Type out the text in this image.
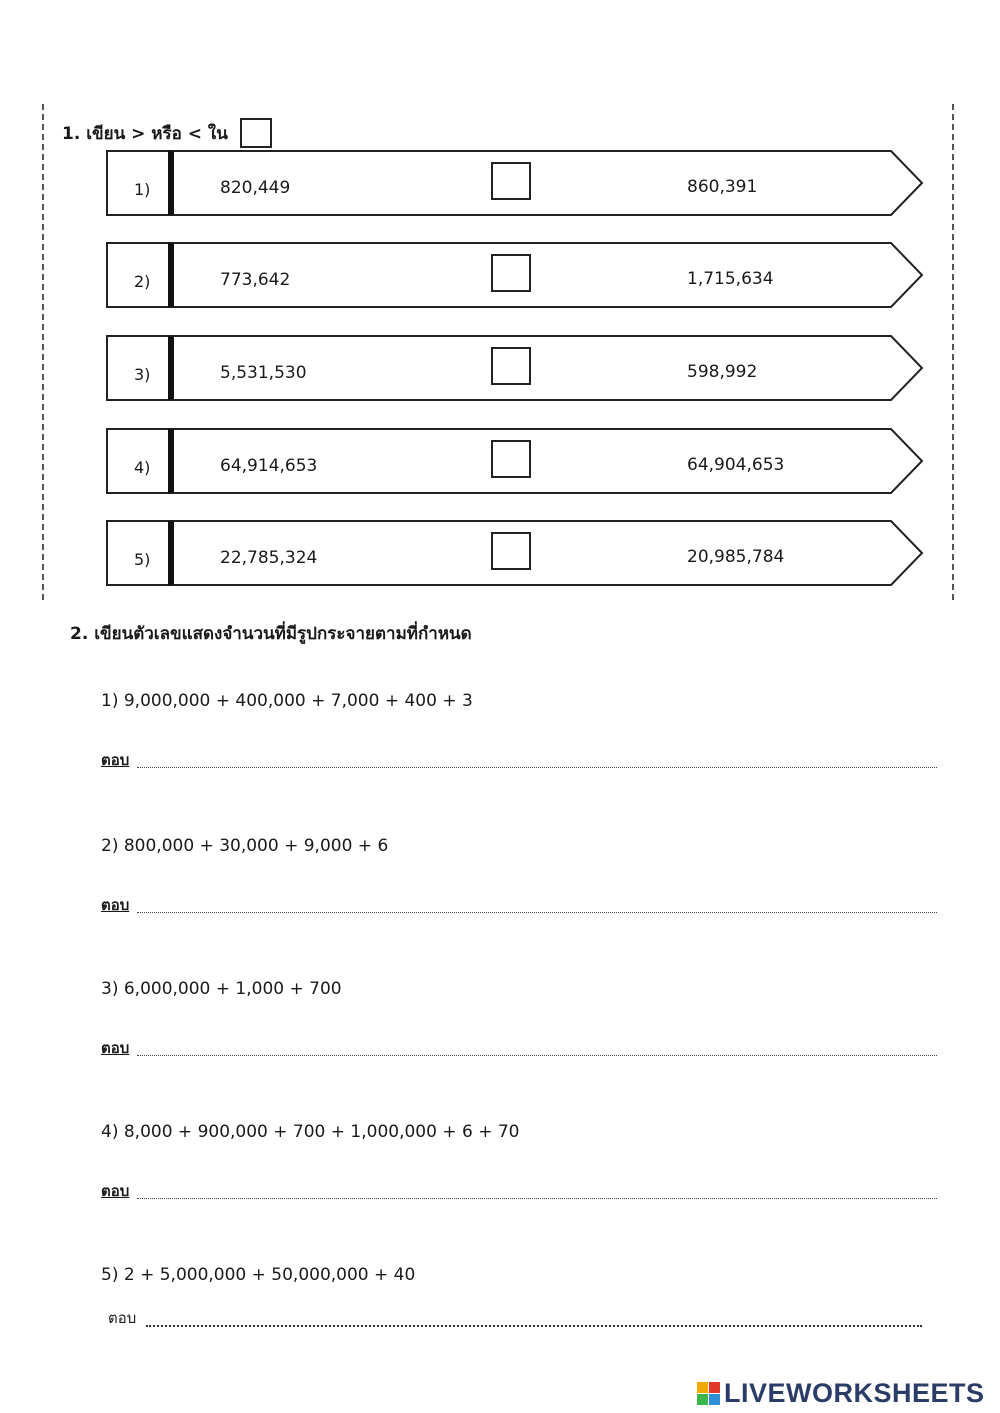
1. เขียน > หรือ < ใน
1)	820,449	860,391
2)	773,642	1,715,634
3)	5,531,530	598,992
4)	64,914,653	64,904,653
5)	22,785,324	20,985,784
2. เขียนตัวเลขแสดงจำนวนที่มีรูปกระจายตามที่กำหนด
1) 9,000,000 + 400,000 + 7,000 + 400 + 3
ตอบ
2) 800,000 + 30,000 + 9,000 + 6
ตอบ
3) 6,000,000 + 1,000 + 700
ตอบ
4) 8,000 + 900,000 + 700 + 1,000,000 + 6 + 70
ตอบ
5) 2 + 5,000,000 + 50,000,000 + 40
ตอบ
LIVEWORKSHEETS
